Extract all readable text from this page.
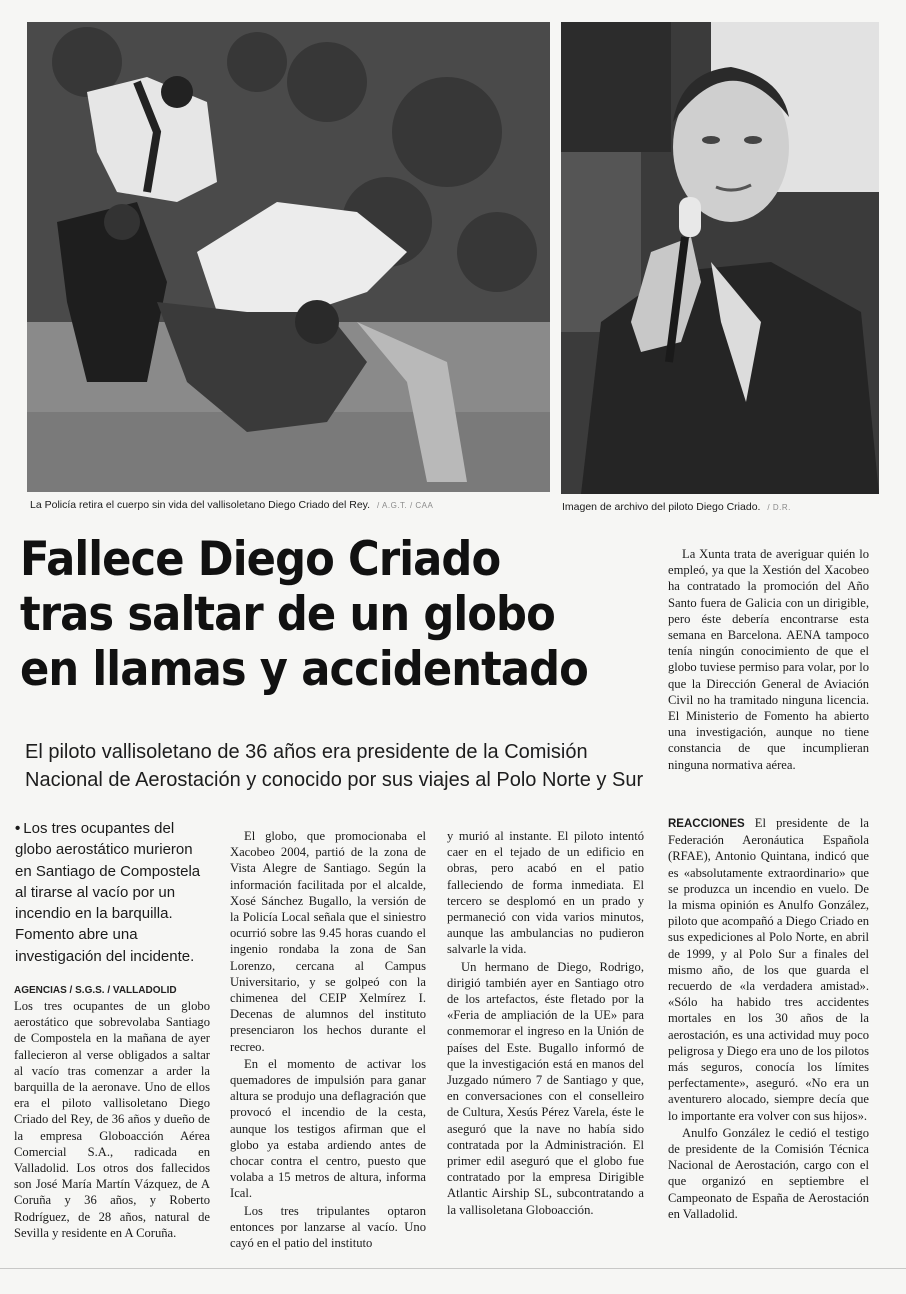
La Policía retira el cuerpo sin vida del vallisoletano Diego Criado del Rey. / A.G.T. / CAA	Imagen de archivo del piloto Diego Criado. / D.R.
Fallece Diego Criado
tras saltar de un globo
en llamas y accidentado
El piloto vallisoletano de 36 años era presidente de la Comisión
Nacional de Aerostación y conocido por sus viajes al Polo Norte y Sur
• Los tres ocupantes del globo aerostático murieron en Santiago de Compostela al tirarse al vacío por un incendio en la barquilla. Fomento abre una investigación del incidente.
AGENCIAS / S.G.S. / VALLADOLID

Los tres ocupantes de un globo aerostático que sobrevolaba Santiago de Compostela en la mañana de ayer fallecieron al verse obligados a saltar al vacío tras comenzar a arder la barquilla de la aeronave. Uno de ellos era el piloto vallisoletano Diego Criado del Rey, de 36 años y dueño de la empresa Globoacción Aérea Comercial S.A., radicada en Valladolid. Los otros dos fallecidos son José María Martín Vázquez, de A Coruña y 36 años, y Roberto Rodríguez, de 28 años, natural de Sevilla y residente en A Coruña.

El globo, que promocionaba el Xacobeo 2004, partió de la zona de Vista Alegre de Santiago. Según la información facilitada por el alcalde, Xosé Sánchez Bugallo, la versión de la Policía Local señala que el siniestro ocurrió sobre las 9.45 horas cuando el ingenio rondaba la zona de San Lorenzo, cercana al Campus Universitario, y se golpeó con la chimenea del CEIP Xelmírez I. Decenas de alumnos del instituto presenciaron los hechos durante el recreo.

En el momento de activar los quemadores de impulsión para ganar altura se produjo una deflagración que provocó el incendio de la cesta, aunque los testigos afirman que el globo ya estaba ardiendo antes de chocar contra el centro, puesto que volaba a 15 metros de altura, informa Ical.

Los tres tripulantes optaron entonces por lanzarse al vacío. Uno cayó en el patio del instituto

y murió al instante. El piloto intentó caer en el tejado de un edificio en obras, pero acabó en el patio falleciendo de forma inmediata. El tercero se desplomó en un prado y permaneció con vida varios minutos, aunque las ambulancias no pudieron salvarle la vida.

Un hermano de Diego, Rodrigo, dirigió también ayer en Santiago otro de los artefactos, éste fletado por la «Feria de ampliación de la UE» para conmemorar el ingreso en la Unión de países del Este. Bugallo informó de que la investigación está en manos del Juzgado número 7 de Santiago y que, en conversaciones con el conselleiro de Cultura, Xesús Pérez Varela, éste le aseguró que la nave no había sido contratada por la Administración. El primer edil aseguró que el globo fue contratado por la empresa Dirigible Atlantic Airship SL, subcontratando a la vallisoletana Globoacción.

La Xunta trata de averiguar quién lo empleó, ya que la Xestión del Xacobeo ha contratado la promoción del Año Santo fuera de Galicia con un dirigible, pero éste debería encontrarse esta semana en Barcelona. AENA tampoco tenía ningún conocimiento de que el globo tuviese permiso para volar, por lo que la Dirección General de Aviación Civil no ha tramitado ninguna licencia. El Ministerio de Fomento ha abierto una investigación, aunque no tiene constancia de que incumplieran ninguna normativa aérea.

REACCIONES El presidente de la Federación Aeronáutica Española (RFAE), Antonio Quintana, indicó que es «absolutamente extraordinario» que se produzca un incendio en vuelo. De la misma opinión es Anulfo González, piloto que acompañó a Diego Criado en sus expediciones al Polo Norte, en abril de 1999, y al Polo Sur a finales del mismo año, de los que guarda el recuerdo de «la verdadera amistad». «Sólo ha habido tres accidentes mortales en los 30 años de la aerostación, es una actividad muy poco peligrosa y Diego era uno de los pilotos más seguros, conocía los límites perfectamente», aseguró. «No era un aventurero alocado, siempre decía que lo importante era volver con sus hijos».

Anulfo González le cedió el testigo de presidente de la Comisión Técnica Nacional de Aerostación, cargo con el que organizó en septiembre el Campeonato de España de Aerostación en Valladolid.
